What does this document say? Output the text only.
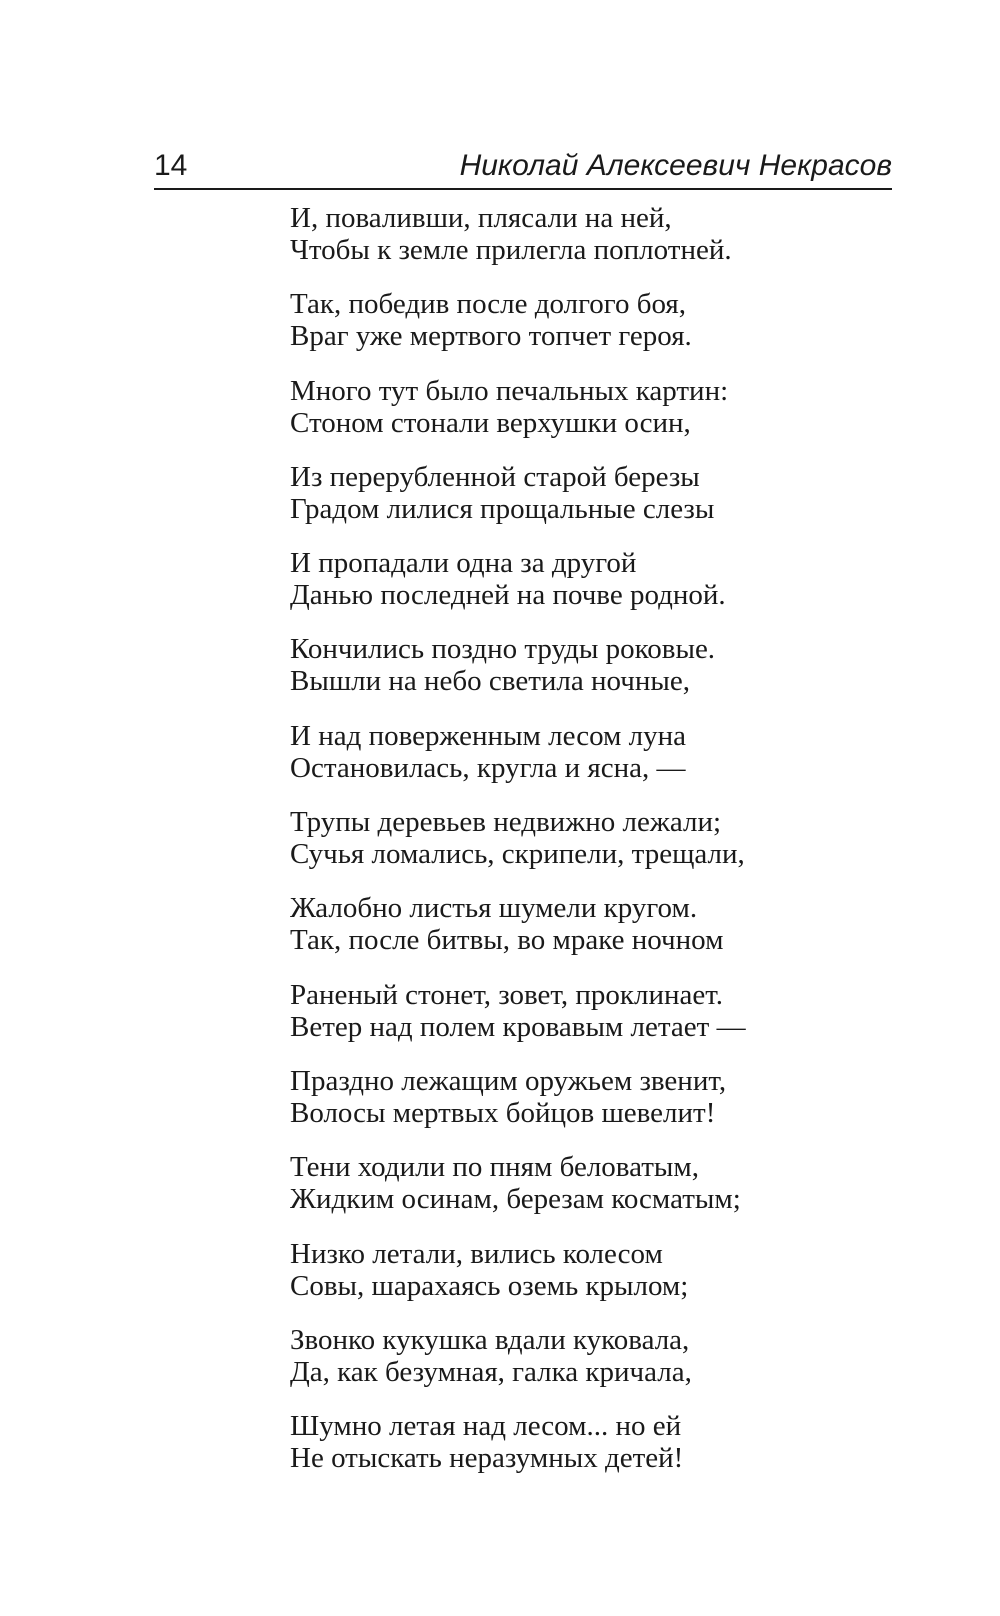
14	Николай Алексеевич Некрасов
И, поваливши, плясали на ней,
Чтобы к земле прилегла поплотней.
Так, победив после долгого боя,
Враг уже мертвого топчет героя.
Много тут было печальных картин:
Стоном стонали верхушки осин,
Из перерубленной старой березы
Градом лилися прощальные слезы
И пропадали одна за другой
Данью последней на почве родной.
Кончились поздно труды роковые.
Вышли на небо светила ночные,
И над поверженным лесом луна
Остановилась, кругла и ясна, —
Трупы деревьев недвижно лежали;
Сучья ломались, скрипели, трещали,
Жалобно листья шумели кругом.
Так, после битвы, во мраке ночном
Раненый стонет, зовет, проклинает.
Ветер над полем кровавым летает —
Праздно лежащим оружьем звенит,
Волосы мертвых бойцов шевелит!
Тени ходили по пням беловатым,
Жидким осинам, березам косматым;
Низко летали, вились колесом
Совы, шарахаясь оземь крылом;
Звонко кукушка вдали куковала,
Да, как безумная, галка кричала,
Шумно летая над лесом... но ей
Не отыскать неразумных детей!
